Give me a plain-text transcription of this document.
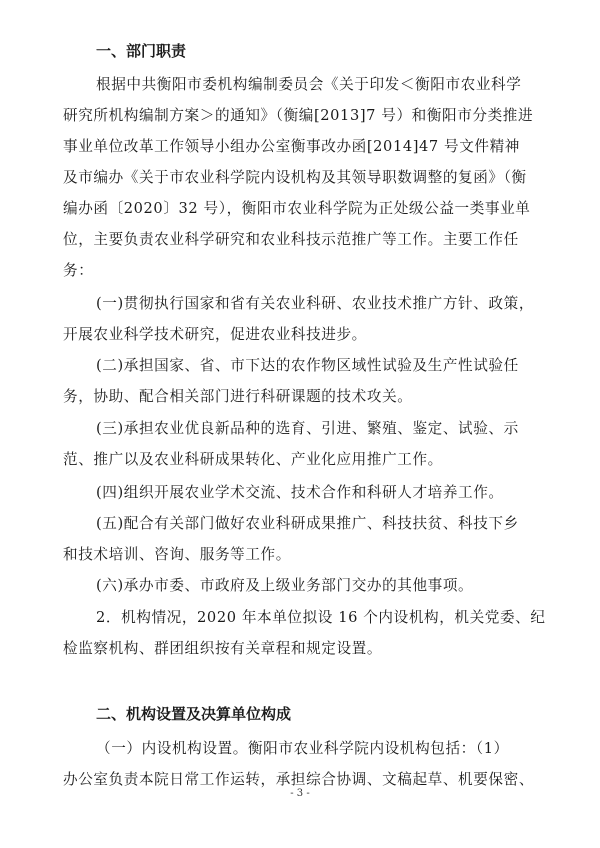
一、部门职责
根据中共衡阳市委机构编制委员会《关于印发＜衡阳市农业科学
研究所机构编制方案＞的通知》（衡编[2013]7 号）和衡阳市分类推进
事业单位改革工作领导小组办公室衡事改办函[2014]47 号文件精神
及市编办《关于市农业科学院内设机构及其领导职数调整的复函》（衡
编办函〔2020〕32 号），衡阳市农业科学院为正处级公益一类事业单
位，主要负责农业科学研究和农业科技示范推广等工作。主要工作任
务：
(一)贯彻执行国家和省有关农业科研、农业技术推广方针、政策，
开展农业科学技术研究，促进农业科技进步。
(二)承担国家、省、市下达的农作物区域性试验及生产性试验任
务，协助、配合相关部门进行科研课题的技术攻关。
(三)承担农业优良新品种的选育、引进、繁殖、鉴定、试验、示
范、推广以及农业科研成果转化、产业化应用推广工作。
(四)组织开展农业学术交流、技术合作和科研人才培养工作。
(五)配合有关部门做好农业科研成果推广、科技扶贫、科技下乡
和技术培训、咨询、服务等工作。
(六)承办市委、市政府及上级业务部门交办的其他事项。
2．机构情况，2020 年本单位拟设 16 个内设机构，机关党委、纪
检监察机构、群团组织按有关章程和规定设置。
二、机构设置及决算单位构成
（一）内设机构设置。衡阳市农业科学院内设机构包括：（1）
办公室负责本院日常工作运转，承担综合协调、文稿起草、机要保密、
- 3 -
